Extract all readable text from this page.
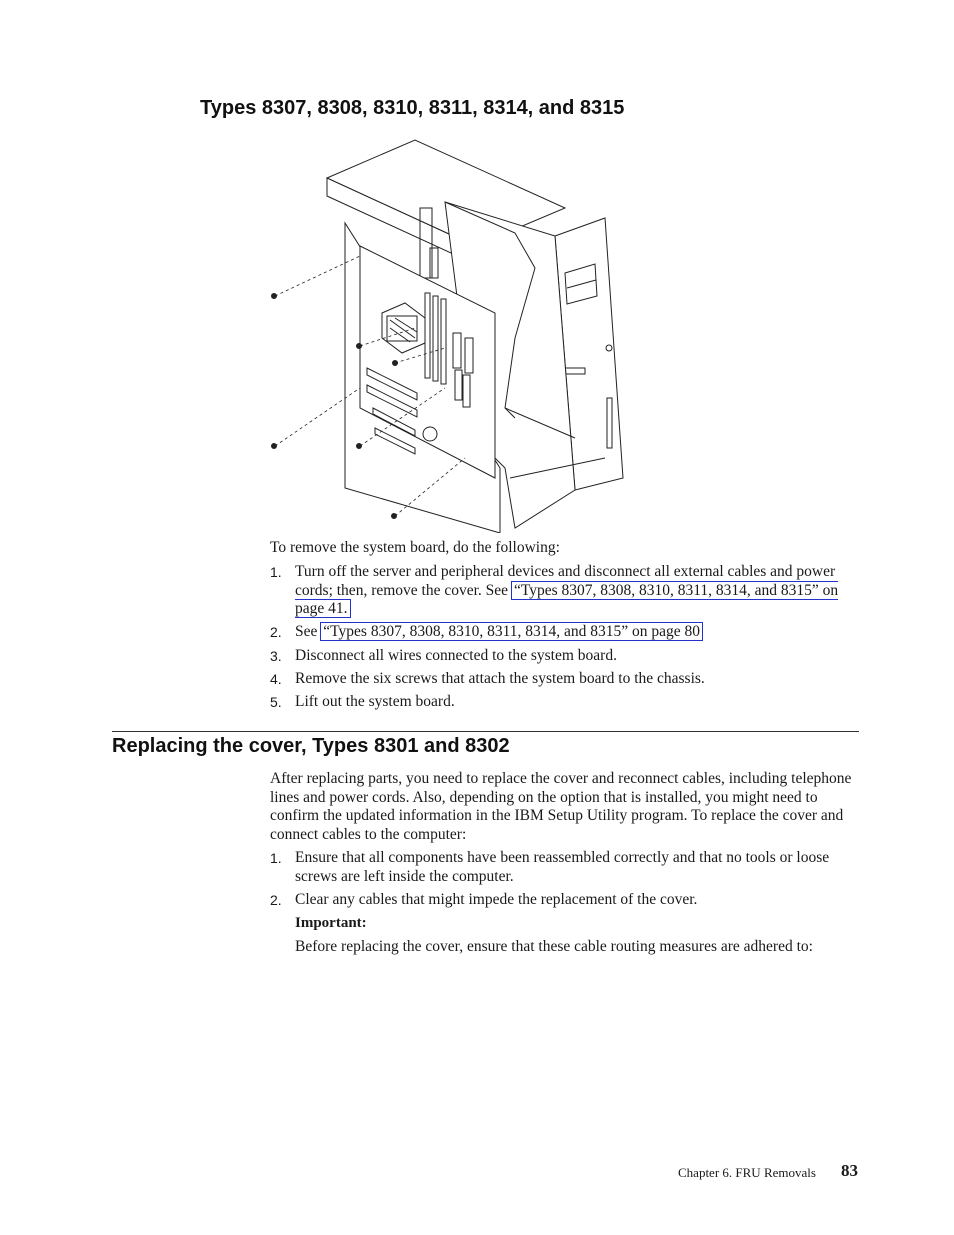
Types 8307, 8308, 8310, 8311, 8314, and 8315
To remove the system board, do the following:
1. Turn off the server and peripheral devices and disconnect all external cables and power cords; then, remove the cover. See “Types 8307, 8308, 8310, 8311, 8314, and 8315” on page 41.
2. See “Types 8307, 8308, 8310, 8311, 8314, and 8315” on page 80
3. Disconnect all wires connected to the system board.
4. Remove the six screws that attach the system board to the chassis.
5. Lift out the system board.
Replacing the cover, Types 8301 and 8302
After replacing parts, you need to replace the cover and reconnect cables, including telephone lines and power cords. Also, depending on the option that is installed, you might need to confirm the updated information in the IBM Setup Utility program. To replace the cover and connect cables to the computer:
1. Ensure that all components have been reassembled correctly and that no tools or loose screws are left inside the computer.
2. Clear any cables that might impede the replacement of the cover.
Important:
Before replacing the cover, ensure that these cable routing measures are adhered to:
Chapter 6. FRU Removals 83
